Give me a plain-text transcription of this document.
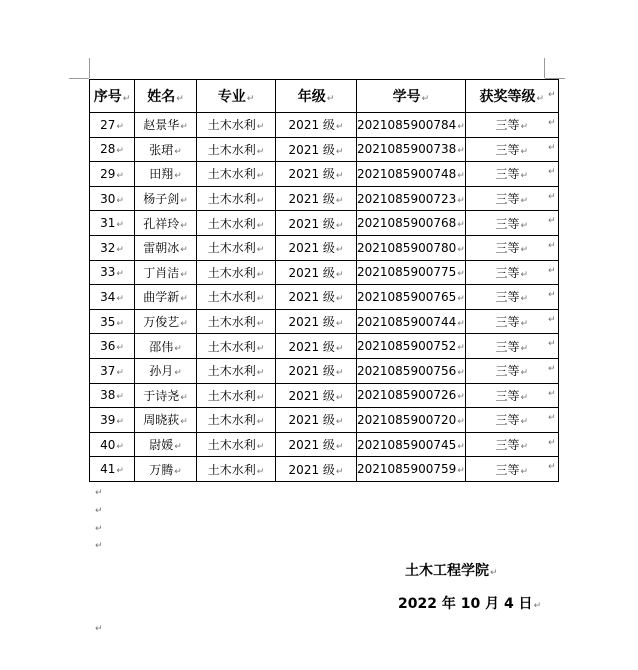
序号↵	姓名↵	专业↵	年级↵	学号↵	获奖等级↵
27↵	赵景华↵	土木水利↵	2021 级↵	2021085900784↵	三等↵
28↵	张珺↵	土木水利↵	2021 级↵	2021085900738↵	三等↵
29↵	田翔↵	土木水利↵	2021 级↵	2021085900748↵	三等↵
30↵	杨子剑↵	土木水利↵	2021 级↵	2021085900723↵	三等↵
31↵	孔祥玲↵	土木水利↵	2021 级↵	2021085900768↵	三等↵
32↵	雷朝冰↵	土木水利↵	2021 级↵	2021085900780↵	三等↵
33↵	丁肖洁↵	土木水利↵	2021 级↵	2021085900775↵	三等↵
34↵	曲学新↵	土木水利↵	2021 级↵	2021085900765↵	三等↵
35↵	万俊艺↵	土木水利↵	2021 级↵	2021085900744↵	三等↵
36↵	邵伟↵	土木水利↵	2021 级↵	2021085900752↵	三等↵
37↵	孙月↵	土木水利↵	2021 级↵	2021085900756↵	三等↵
38↵	于诗尧↵	土木水利↵	2021 级↵	2021085900726↵	三等↵
39↵	周晓荻↵	土木水利↵	2021 级↵	2021085900720↵	三等↵
40↵	尉媛↵	土木水利↵	2021 级↵	2021085900745↵	三等↵
41↵	万腾↵	土木水利↵	2021 级↵	2021085900759↵	三等↵
↵
↵
↵
↵
↵
↵
↵
↵
↵
↵
↵
↵
↵
↵
↵
↵
↵
↵
↵
↵
↵
土木工程学院↵
2022 年 10 月 4 日↵
